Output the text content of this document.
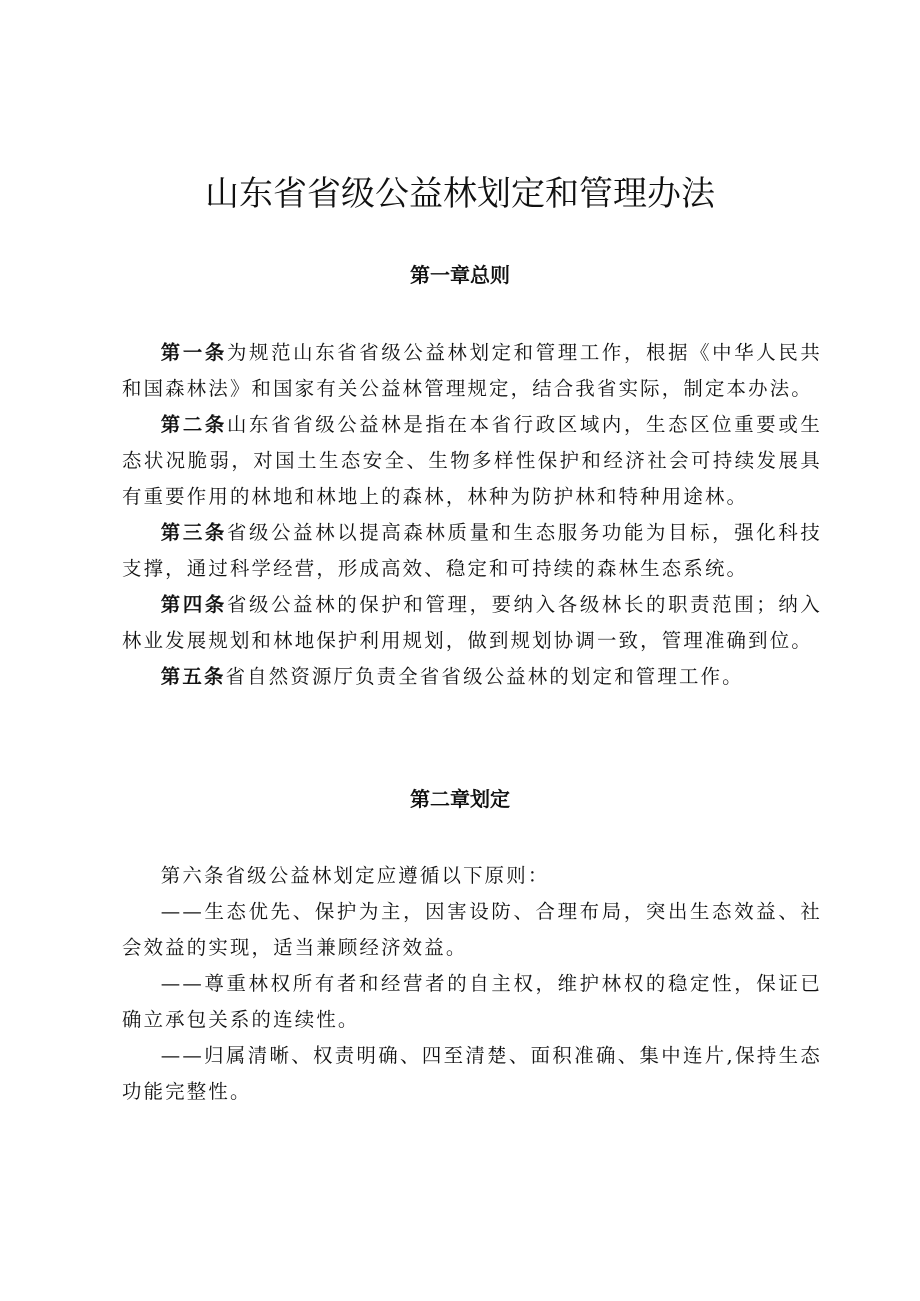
山东省省级公益林划定和管理办法
第一章总则

第一条为规范山东省省级公益林划定和管理工作，根据《中华人民共和国森林法》和国家有关公益林管理规定，结合我省实际，制定本办法。

第二条山东省省级公益林是指在本省行政区域内，生态区位重要或生态状况脆弱，对国土生态安全、生物多样性保护和经济社会可持续发展具有重要作用的林地和林地上的森林，林种为防护林和特种用途林。

第三条省级公益林以提高森林质量和生态服务功能为目标，强化科技支撑，通过科学经营，形成高效、稳定和可持续的森林生态系统。

第四条省级公益林的保护和管理，要纳入各级林长的职责范围；纳入林业发展规划和林地保护利用规划，做到规划协调一致，管理准确到位。

第五条省自然资源厅负责全省省级公益林的划定和管理工作。

第二章划定

第六条省级公益林划定应遵循以下原则：

——生态优先、保护为主，因害设防、合理布局，突出生态效益、社会效益的实现，适当兼顾经济效益。

——尊重林权所有者和经营者的自主权，维护林权的稳定性，保证已确立承包关系的连续性。

——归属清晰、权责明确、四至清楚、面积准确、集中连片,保持生态功能完整性。
